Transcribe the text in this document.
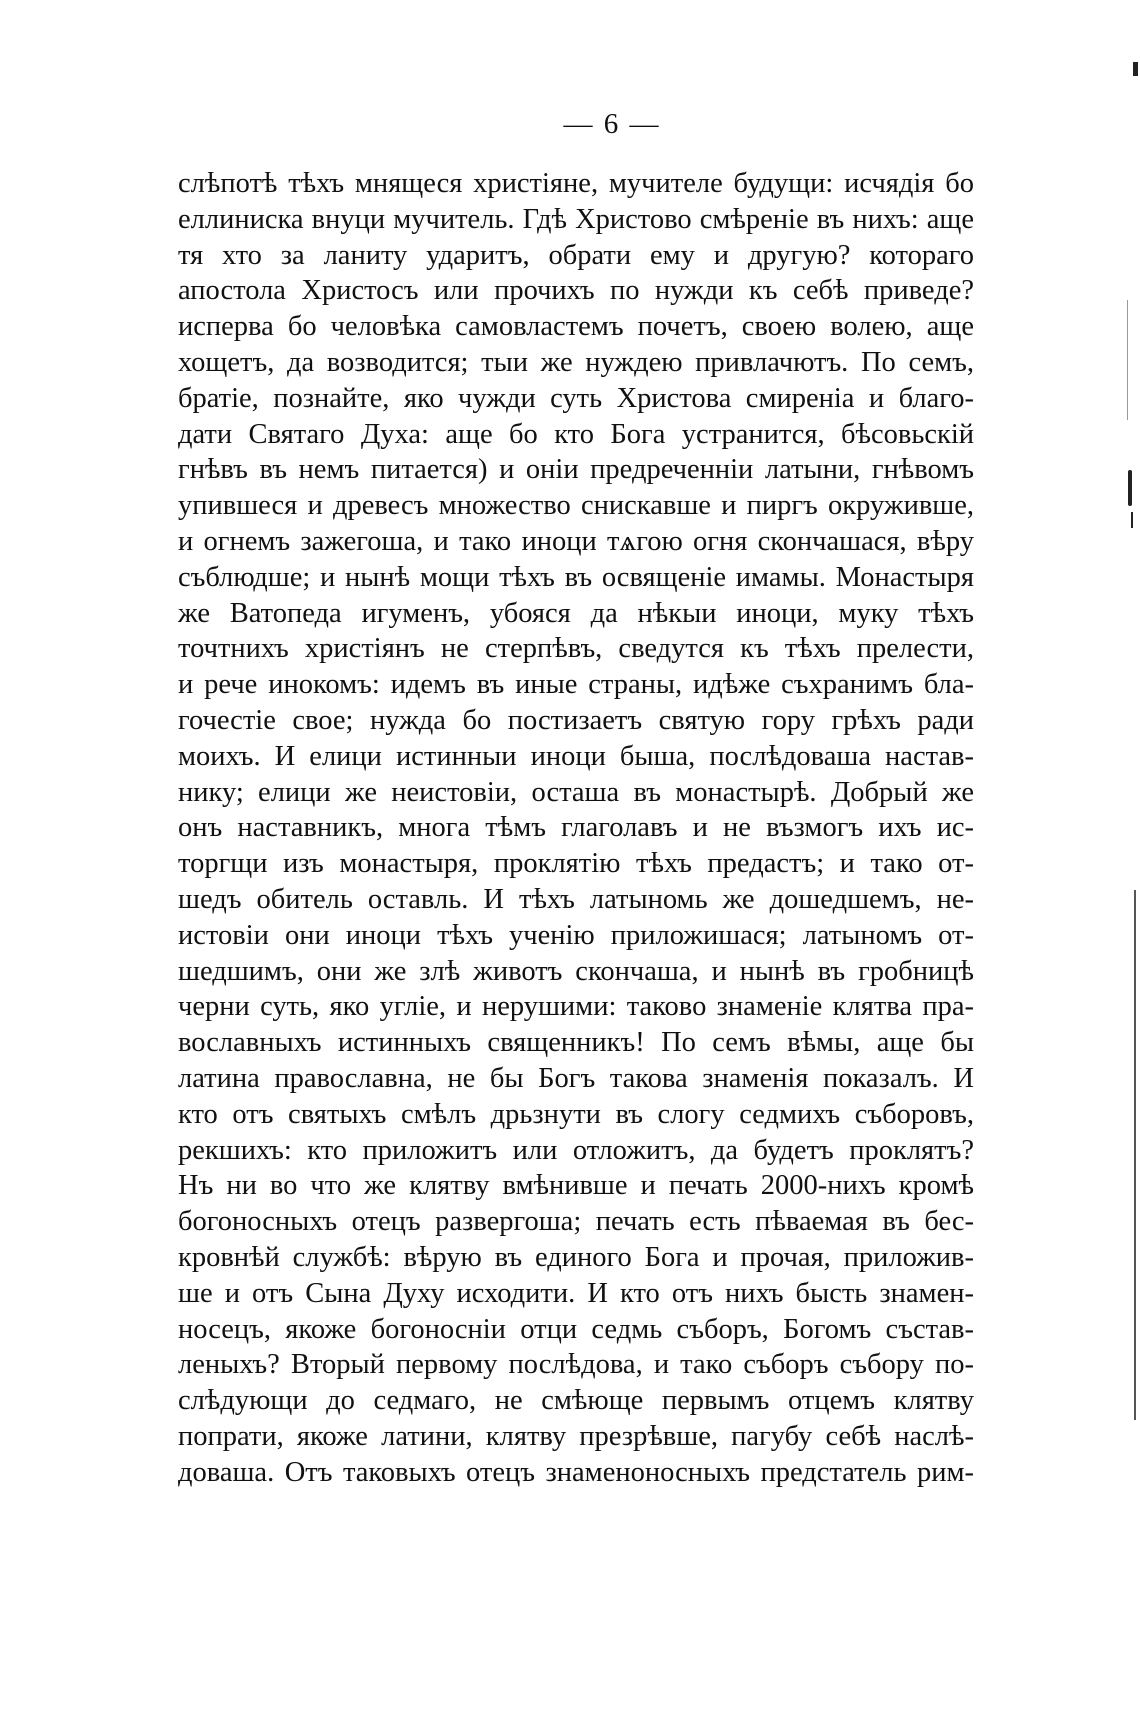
— 6 —
слѣпотѣ тѣхъ мнящеся христіяне, мучителе будущи: исчядія бо
еллиниска внуци мучитель. Гдѣ Христово смѣреніе въ нихъ: аще
тя хто за ланиту ударитъ, обрати ему и другую? котораго
апостола Христосъ или прочихъ по нужди къ себѣ приведе?
исперва бо человѣка самовластемъ почетъ, своею волею, аще
хощетъ, да возводится; тыи же нуждею привлачютъ. По семъ,
братіе, познайте, яко чужди суть Христова смиреніа и благо-
дати Святаго Духа: аще бо кто Бога устранится, бѣсовьскій
гнѣвъ въ немъ питается) и оніи предреченніи латыни, гнѣвомъ
упившеся и древесъ множество снискавше и пиргъ окруживше,
и огнемъ зажегоша, и тако иноци тѧгою огня скончашася, вѣру
съблюдше; и нынѣ мощи тѣхъ въ освященіе имамы. Монастыря
же Ватопеда игуменъ, убояся да нѣкыи иноци, муку тѣхъ
точтнихъ христіянъ не стерпѣвъ, сведутся къ тѣхъ прелести,
и рече инокомъ: идемъ въ иные страны, идѣже съхранимъ бла-
гочестіе свое; нужда бо постизаетъ святую гору грѣхъ ради
моихъ. И елици истинныи иноци быша, послѣдоваша настав-
нику; елици же неистовіи, осташа въ монастырѣ. Добрый же
онъ наставникъ, многа тѣмъ глаголавъ и не възмогъ ихъ ис-
торгщи изъ монастыря, проклятію тѣхъ предастъ; и тако от-
шедъ обитель оставль. И тѣхъ латыномь же дошедшемъ, не-
истовіи они иноци тѣхъ ученію приложишася; латыномъ от-
шедшимъ, они же злѣ животъ скончаша, и нынѣ въ гробницѣ
черни суть, яко угліе, и нерушими: таково знаменіе клятва пра-
вославныхъ истинныхъ священникъ! По семъ вѣмы, аще бы
латина православна, не бы Богъ такова знаменія показалъ. И
кто отъ святыхъ смѣлъ дрьзнути въ слогу седмихъ съборовъ,
рекшихъ: кто приложитъ или отложитъ, да будетъ проклятъ?
Нъ ни во что же клятву вмѣнивше и печать 2000-нихъ кромѣ
богоносныхъ отецъ развергоша; печать есть пѣваемая въ бес-
кровнѣй службѣ: вѣрую въ единого Бога и прочая, приложив-
ше и отъ Сына Духу исходити. И кто отъ нихъ бысть знамен-
носецъ, якоже богоносніи отци седмь съборъ, Богомъ състав-
леныхъ? Вторый первому послѣдова, и тако съборъ събору по-
слѣдующи до седмаго, не смѣюще первымъ отцемъ клятву
попрати, якоже латини, клятву презрѣвше, пагубу себѣ наслѣ-
доваша. Отъ таковыхъ отецъ знаменоносныхъ предстатель рим-
